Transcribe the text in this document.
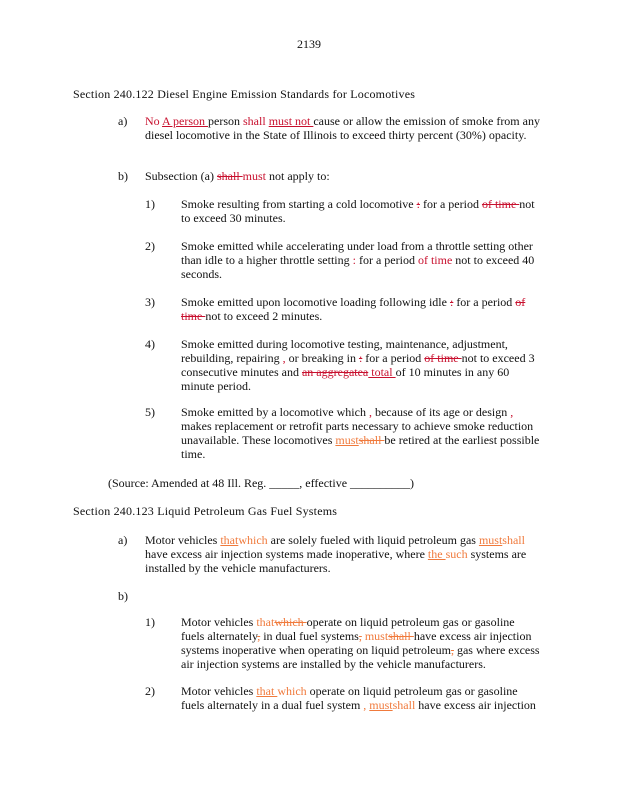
2139
Section 240.122 Diesel Engine Emission Standards for Locomotives
a) No A person person shall must not cause or allow the emission of smoke from any diesel locomotive in the State of Illinois to exceed thirty percent (30%) opacity.
b) Subsection (a) shall must not apply to:
1) Smoke resulting from starting a cold locomotive : for a period of time not to exceed 30 minutes.
2) Smoke emitted while accelerating under load from a throttle setting other than idle to a higher throttle setting : for a period of time not to exceed 40 seconds.
3) Smoke emitted upon locomotive loading following idle : for a period of time not to exceed 2 minutes.
4) Smoke emitted during locomotive testing, maintenance, adjustment, rebuilding, repairing , or breaking in : for a period of time not to exceed 3 consecutive minutes and an aggregatea total of 10 minutes in any 60 minute period.
5) Smoke emitted by a locomotive which , because of its age or design , makes replacement or retrofit parts necessary to achieve smoke reduction unavailable. These locomotives mustshall be retired at the earliest possible time.
(Source: Amended at 48 Ill. Reg. _____, effective __________)
Section 240.123 Liquid Petroleum Gas Fuel Systems
a) Motor vehicles thatwhich are solely fueled with liquid petroleum gas mustshall have excess air injection systems made inoperative, where the such systems are installed by the vehicle manufacturers.
b)
1) Motor vehicles thatwhich operate on liquid petroleum gas or gasoline fuels alternately, in dual fuel systems, mustshall have excess air injection systems inoperative when operating on liquid petroleum, gas where excess air injection systems are installed by the vehicle manufacturers.
2) Motor vehicles that which operate on liquid petroleum gas or gasoline fuels alternately in a dual fuel system , mustshall have excess air injection
